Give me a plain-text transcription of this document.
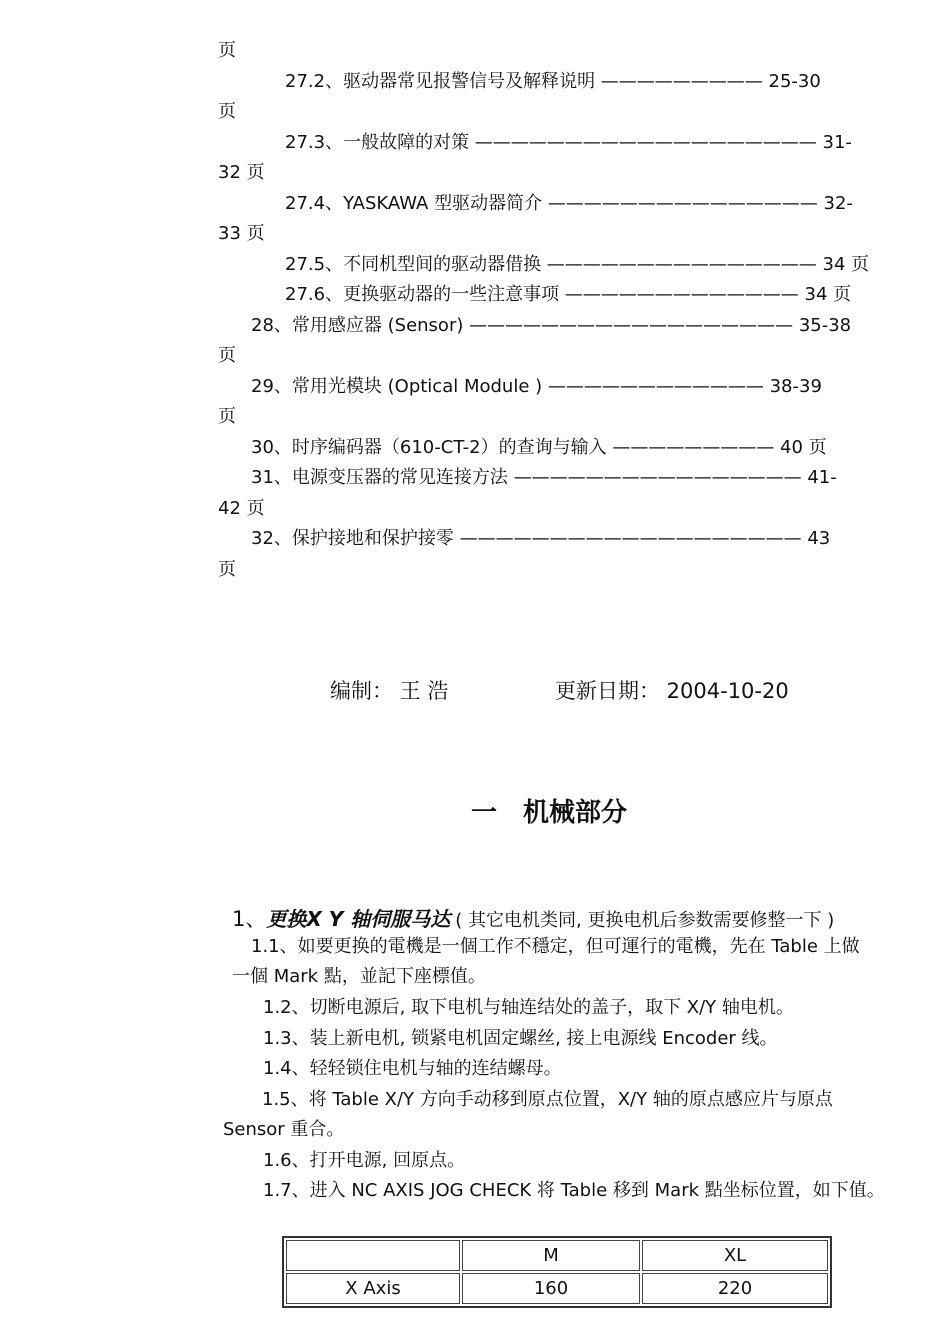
页
27.2、驱动器常见报警信号及解释说明 ————————— 25-30
页
27.3、一般故障的对策 ——————————————————— 31-
32 页
27.4、YASKAWA 型驱动器简介 ——————————————— 32-
33 页
27.5、不同机型间的驱动器借换 ——————————————— 34 页
27.6、更换驱动器的一些注意事项 ————————————— 34 页
28、常用感应器 (Sensor) —————————————————— 35-38
页
29、常用光模块 (Optical Module ) ———————————— 38-39
页
30、时序编码器（610-CT-2）的查询与输入 ————————— 40 页
31、电源变压器的常见连接方法 ———————————————— 41-
42 页
32、保护接地和保护接零 ——————————————————— 43
页
编制： 王 浩	更新日期： 2004-10-20
一 机械部分
1、更换X Y 轴伺服马达 ( 其它电机类同, 更换电机后参数需要修整一下 )
1.1、如要更换的電機是一個工作不穩定，但可運行的電機，先在 Table 上做
一個 Mark 點，並記下座標值。
1.2、切断电源后, 取下电机与轴连结处的盖子，取下 X/Y 轴电机。
1.3、装上新电机, 锁紧电机固定螺丝, 接上电源线 Encoder 线。
1.4、轻轻锁住电机与轴的连结螺母。
1.5、将 Table X/Y 方向手动移到原点位置，X/Y 轴的原点感应片与原点
Sensor 重合。
1.6、打开电源, 回原点。
1.7、进入 NC AXIS JOG CHECK 将 Table 移到 Mark 點坐标位置，如下值。
	M	XL
X Axis	160	220
